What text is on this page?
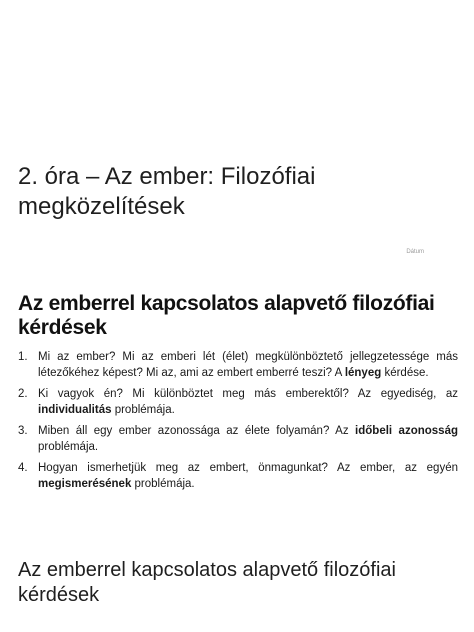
2. óra – Az ember: Filozófiai megközelítések
Dátum
Az emberrel kapcsolatos alapvető filozófiai kérdések
1. Mi az ember? Mi az emberi lét (élet) megkülönböztető jellegzetessége más létezőkéhez képest? Mi az, ami az embert emberré teszi? A lényeg kérdése.
2. Ki vagyok én? Mi különböztet meg más emberektől? Az egyediség, az individualitás problémája.
3. Miben áll egy ember azonossága az élete folyamán? Az időbeli azonosság problémája.
4. Hogyan ismerhetjük meg az embert, önmagunkat? Az ember, az egyén megismerésének problémája.
Az emberrel kapcsolatos alapvető filozófiai kérdések
